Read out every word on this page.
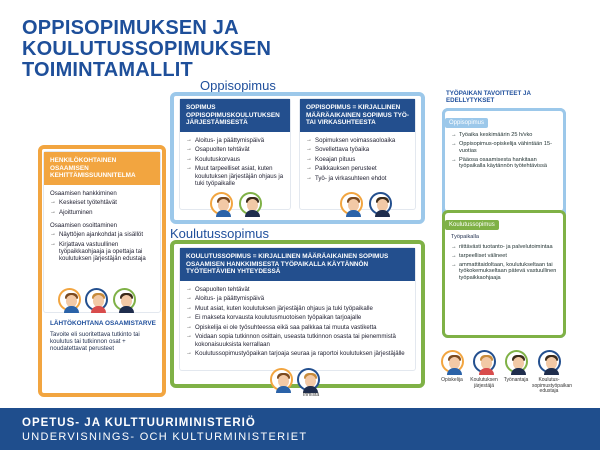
OPPISOPIMUKSEN JA
KOULUTUSSOPIMUKSEN TOIMINTAMALLIT
Oppisopimus
SOPIMUS OPPISOPIMUSKOULUTUKSEN JÄRJESTÄMISESTÄ
→ Aloitus- ja päättymispäivä
→ Osapuolten tehtävät
→ Koulutuskorvaus
→ Muut tarpeelliset asiat, kuten koulutuksen järjestäjän ohjaus ja tuki työpaikalle
OPPISOPIMUS = KIRJALLINEN MÄÄRÄAIKAINEN SOPIMUS TYÖ- TAI VIRKASUHTEESTA
→ Sopimuksen voimassaoloaika
→ Sovellettava työaika
→ Koeajan pituus
→ Palkkauksen perusteet
→ Työ- ja virkasuhteen ehdot

HENKILÖKOHTAINEN OSAAMISEN KEHITTÄMISSUUNNITELMA
Osaamisen hankkiminen
→ Keskeiset työtehtävät
→ Ajoittuminen
Osaamisen osoittaminen
→ Näyttöjen ajankohdat ja sisällöt
→ Kirjattava vastuullinen työpaikkaohjaaja ja opettaja tai koulutuksen järjestäjän edustaja

LÄHTÖKOHTANA OSAAMISTARVE
Tavoite eli suoritettava tutkinto tai koulutus tai tutkinnon osat + noudatettavat perusteet
Koulutussopimus
KOULUTUSSOPIMUS = KIRJALLINEN MÄÄRÄAIKAINEN SOPIMUS OSAAMISEN HANKKIMISESTA TYÖPAIKALLA KÄYTÄNNÖN TYÖTEHTÄVIEN YHTEYDESSÄ
→ Osapuolten tehtävät
→ Aloitus- ja päättymispäivä
→ Muut asiat, kuten koulutuksen järjestäjän ohjaus ja tuki työpaikalle
→ Ei makseta korvausta koulutusmuotoisen työpaikan tarjoajalle
→ Opiskelija ei ole työsuhteessa eikä saa palkkaa tai muuta vastiketta
→ Voidaan sopia tutkinnon osittain, useasta tutkinnon osasta tai pienemmistä kokonaisuuksista kerrallaan
→ Koulutussopimustyöpaikan tarjoaja seuraa ja raportoi koulutuksen järjestäjälle

Ihmistä
TYÖPAIKAN TAVOITTEET JA EDELLYTYKSET
Oppisopimus
→ Työaika keskimäärin 25 h/vko
→ Oppisopimus-opiskelija vähintään 15-vuotias
→ Pääosa osaamisesta hankitaan työpaikalla käytännön työtehtävissä
Koulutussopimus
Työpaikalla
→ riittävästi tuotanto- ja palvelutoimintaa
→ tarpeelliset välineet
→ ammattitaidoltaan, koulutukseltaan tai työkokemukseltaan pätevä vastuullinen työpaikkaohjaaja
Opiskelija	Koulutuksen järjestäjä
Työnantaja	Koulutus-sopimustyöpaikan edustaja
OPETUS- JA KULTTUURIMINISTERIÖ
UNDERVISNINGS- OCH KULTURMINISTERIET
